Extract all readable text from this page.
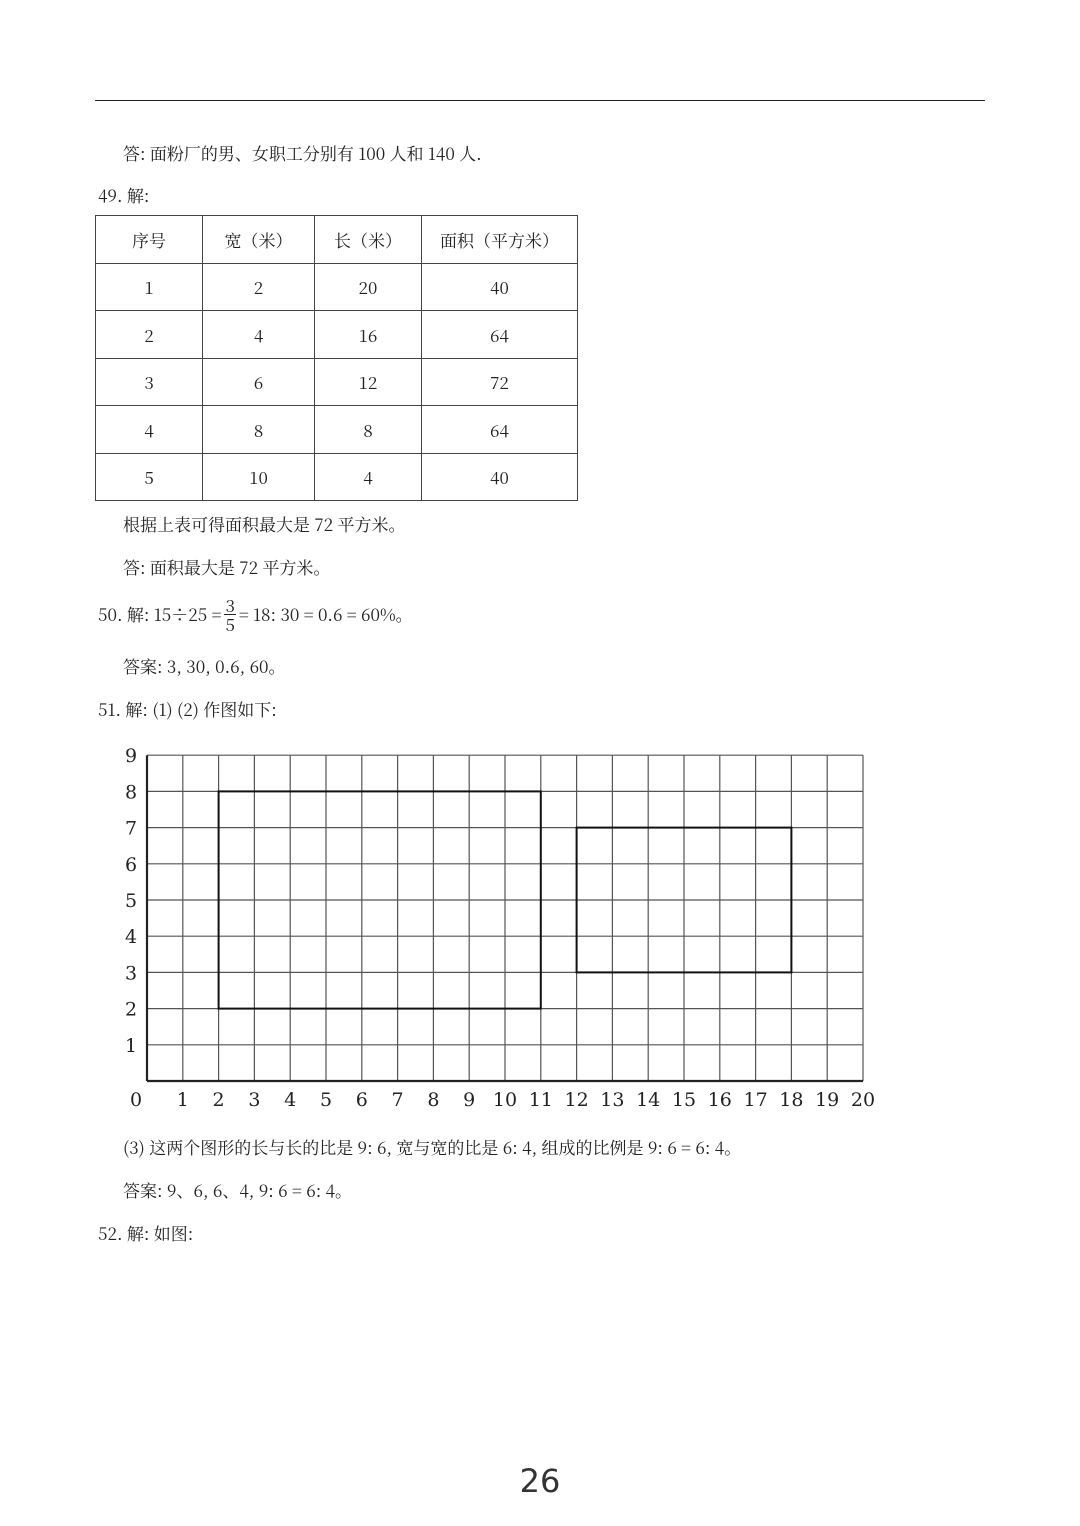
答: 面粉厂的男、女职工分别有 100 人和 140 人.
49. 解:
序号	宽（米）	长（米）	面积（平方米）
1	2	20	40
2	4	16	64
3	6	12	72
4	8	8	64
5	10	4	40
根据上表可得面积最大是 72 平方米。
答: 面积最大是 72 平方米。
50. 解: $15\div 25 = \frac{3}{5} = 18$: 30 = 0.6 = 60%。
答案: 3, 30, 0.6, 60。
51. 解: (1) (2) 作图如下:
0 1 2 3 4 5 6 7 8 9 10 11 12 13 14 15 16 17 18 19 20
1
2
3
4
5
6
7
8
9
(3) 这两个图形的长与长的比是 9: 6, 宽与宽的比是 6: 4, 组成的比例是 9: 6 = 6: 4。
答案: 9、6, 6、4, 9: 6 = 6: 4。
52. 解: 如图:
26
